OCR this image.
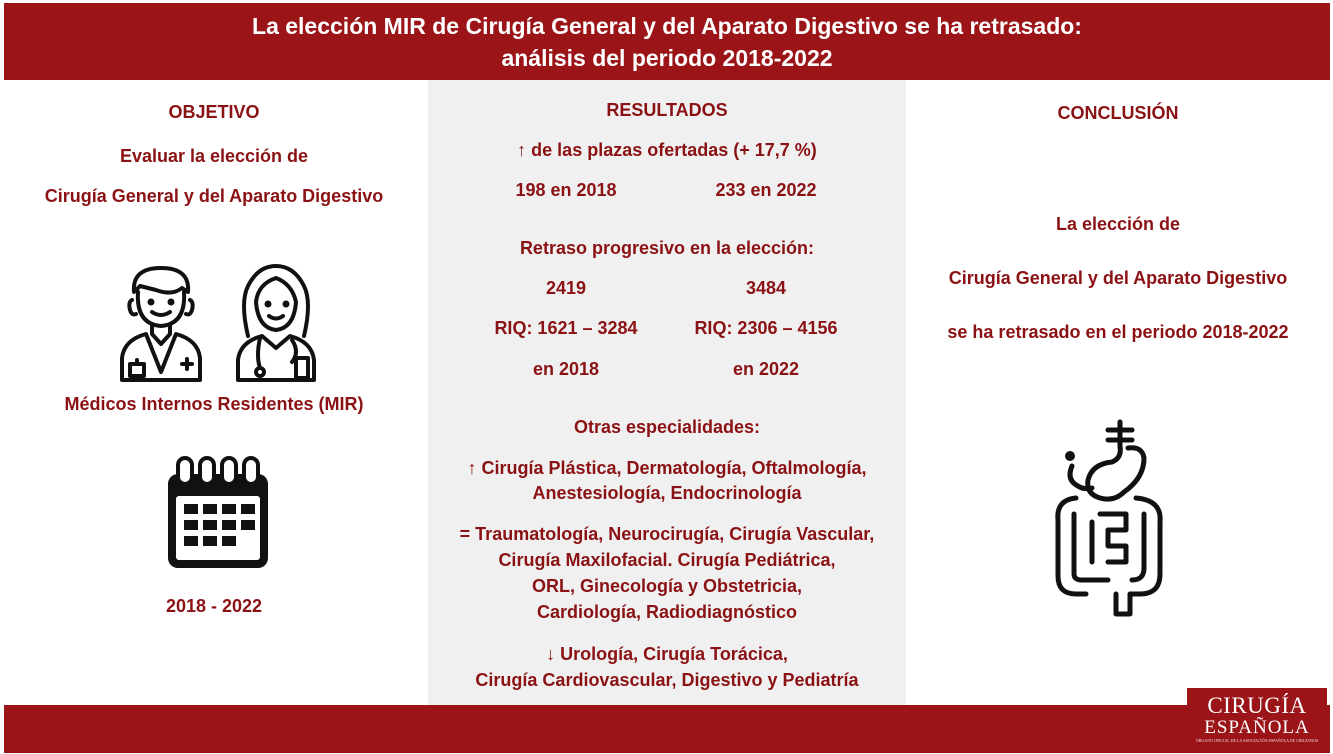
La elección MIR de Cirugía General y del Aparato Digestivo se ha retrasado:
análisis del periodo 2018-2022
OBJETIVO
Evaluar la elección de
Cirugía General y del Aparato Digestivo
Médicos Internos Residentes (MIR)
2018 - 2022
RESULTADOS
↑ de las plazas ofertadas (+ 17,7 %)
198 en 2018	233 en 2022
Retraso progresivo en la elección:
2419	3484
RIQ: 1621 – 3284	RIQ: 2306 – 4156
en 2018	en 2022
Otras especialidades:
↑ Cirugía Plástica, Dermatología, Oftalmología,
Anestesiología, Endocrinología
= Traumatología, Neurocirugía, Cirugía Vascular,
Cirugía Maxilofacial. Cirugía Pediátrica,
ORL, Ginecología y Obstetricia,
Cardiología, Radiodiagnóstico
↓ Urología, Cirugía Torácica,
Cirugía Cardiovascular, Digestivo y Pediatría
CONCLUSIÓN
La elección de
Cirugía General y del Aparato Digestivo
se ha retrasado en el periodo 2018-2022
CIRUGÍA
ESPAÑOLA
ÓRGANO OFICIAL DE LA ASOCIACIÓN ESPAÑOLA DE CIRUJANOS
